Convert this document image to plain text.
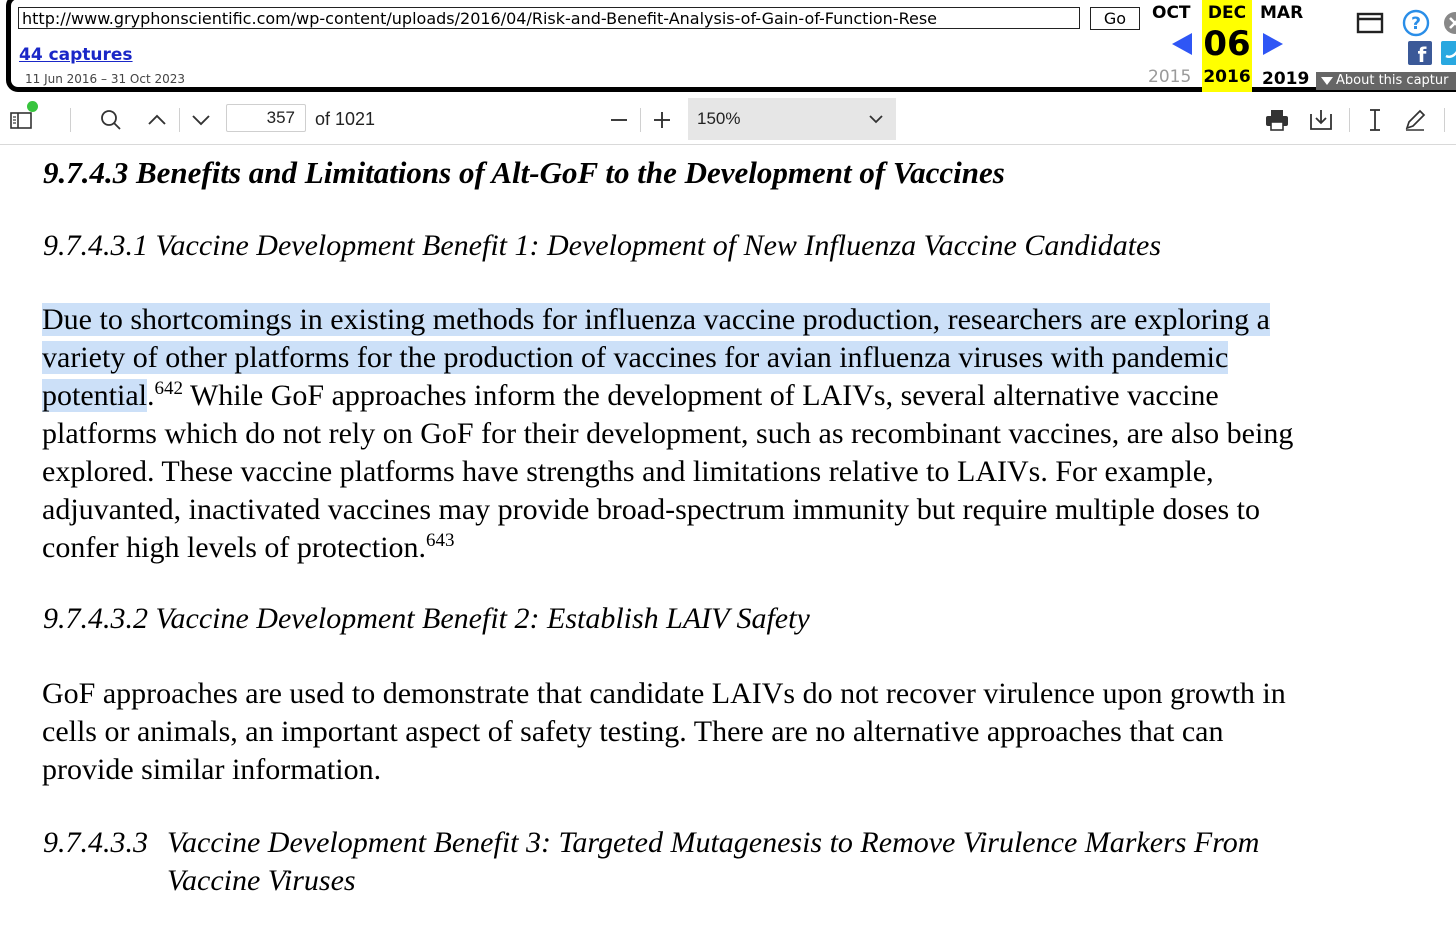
http://www.gryphonscientific.com/wp-content/uploads/2016/04/Risk-and-Benefit-Analysis-of-Gain-of-Function-Rese
Go
44 captures
11 Jun 2016 – 31 Oct 2023
OCT
2015
DEC
06
2016
MAR
2019
?
f
About this captur
357
of 1021	150%
9.7.4.3 Benefits and Limitations of Alt-GoF to the Development of Vaccines
9.7.4.3.1 Vaccine Development Benefit 1: Development of New Influenza Vaccine Candidates
Due to shortcomings in existing methods for influenza vaccine production, researchers are exploring a
variety of other platforms for the production of vaccines for avian influenza viruses with pandemic
potential.$^{642}$ While GoF approaches inform the development of LAIVs, several alternative vaccine
platforms which do not rely on GoF for their development, such as recombinant vaccines, are also being
explored. These vaccine platforms have strengths and limitations relative to LAIVs. For example,
adjuvanted, inactivated vaccines may provide broad-spectrum immunity but require multiple doses to
confer high levels of protection.$^{643}$
9.7.4.3.2 Vaccine Development Benefit 2: Establish LAIV Safety
GoF approaches are used to demonstrate that candidate LAIVs do not recover virulence upon growth in
cells or animals, an important aspect of safety testing. There are no alternative approaches that can
provide similar information.
9.7.4.3.3 Vaccine Development Benefit 3: Targeted Mutagenesis to Remove Virulence Markers From
Vaccine Viruses
